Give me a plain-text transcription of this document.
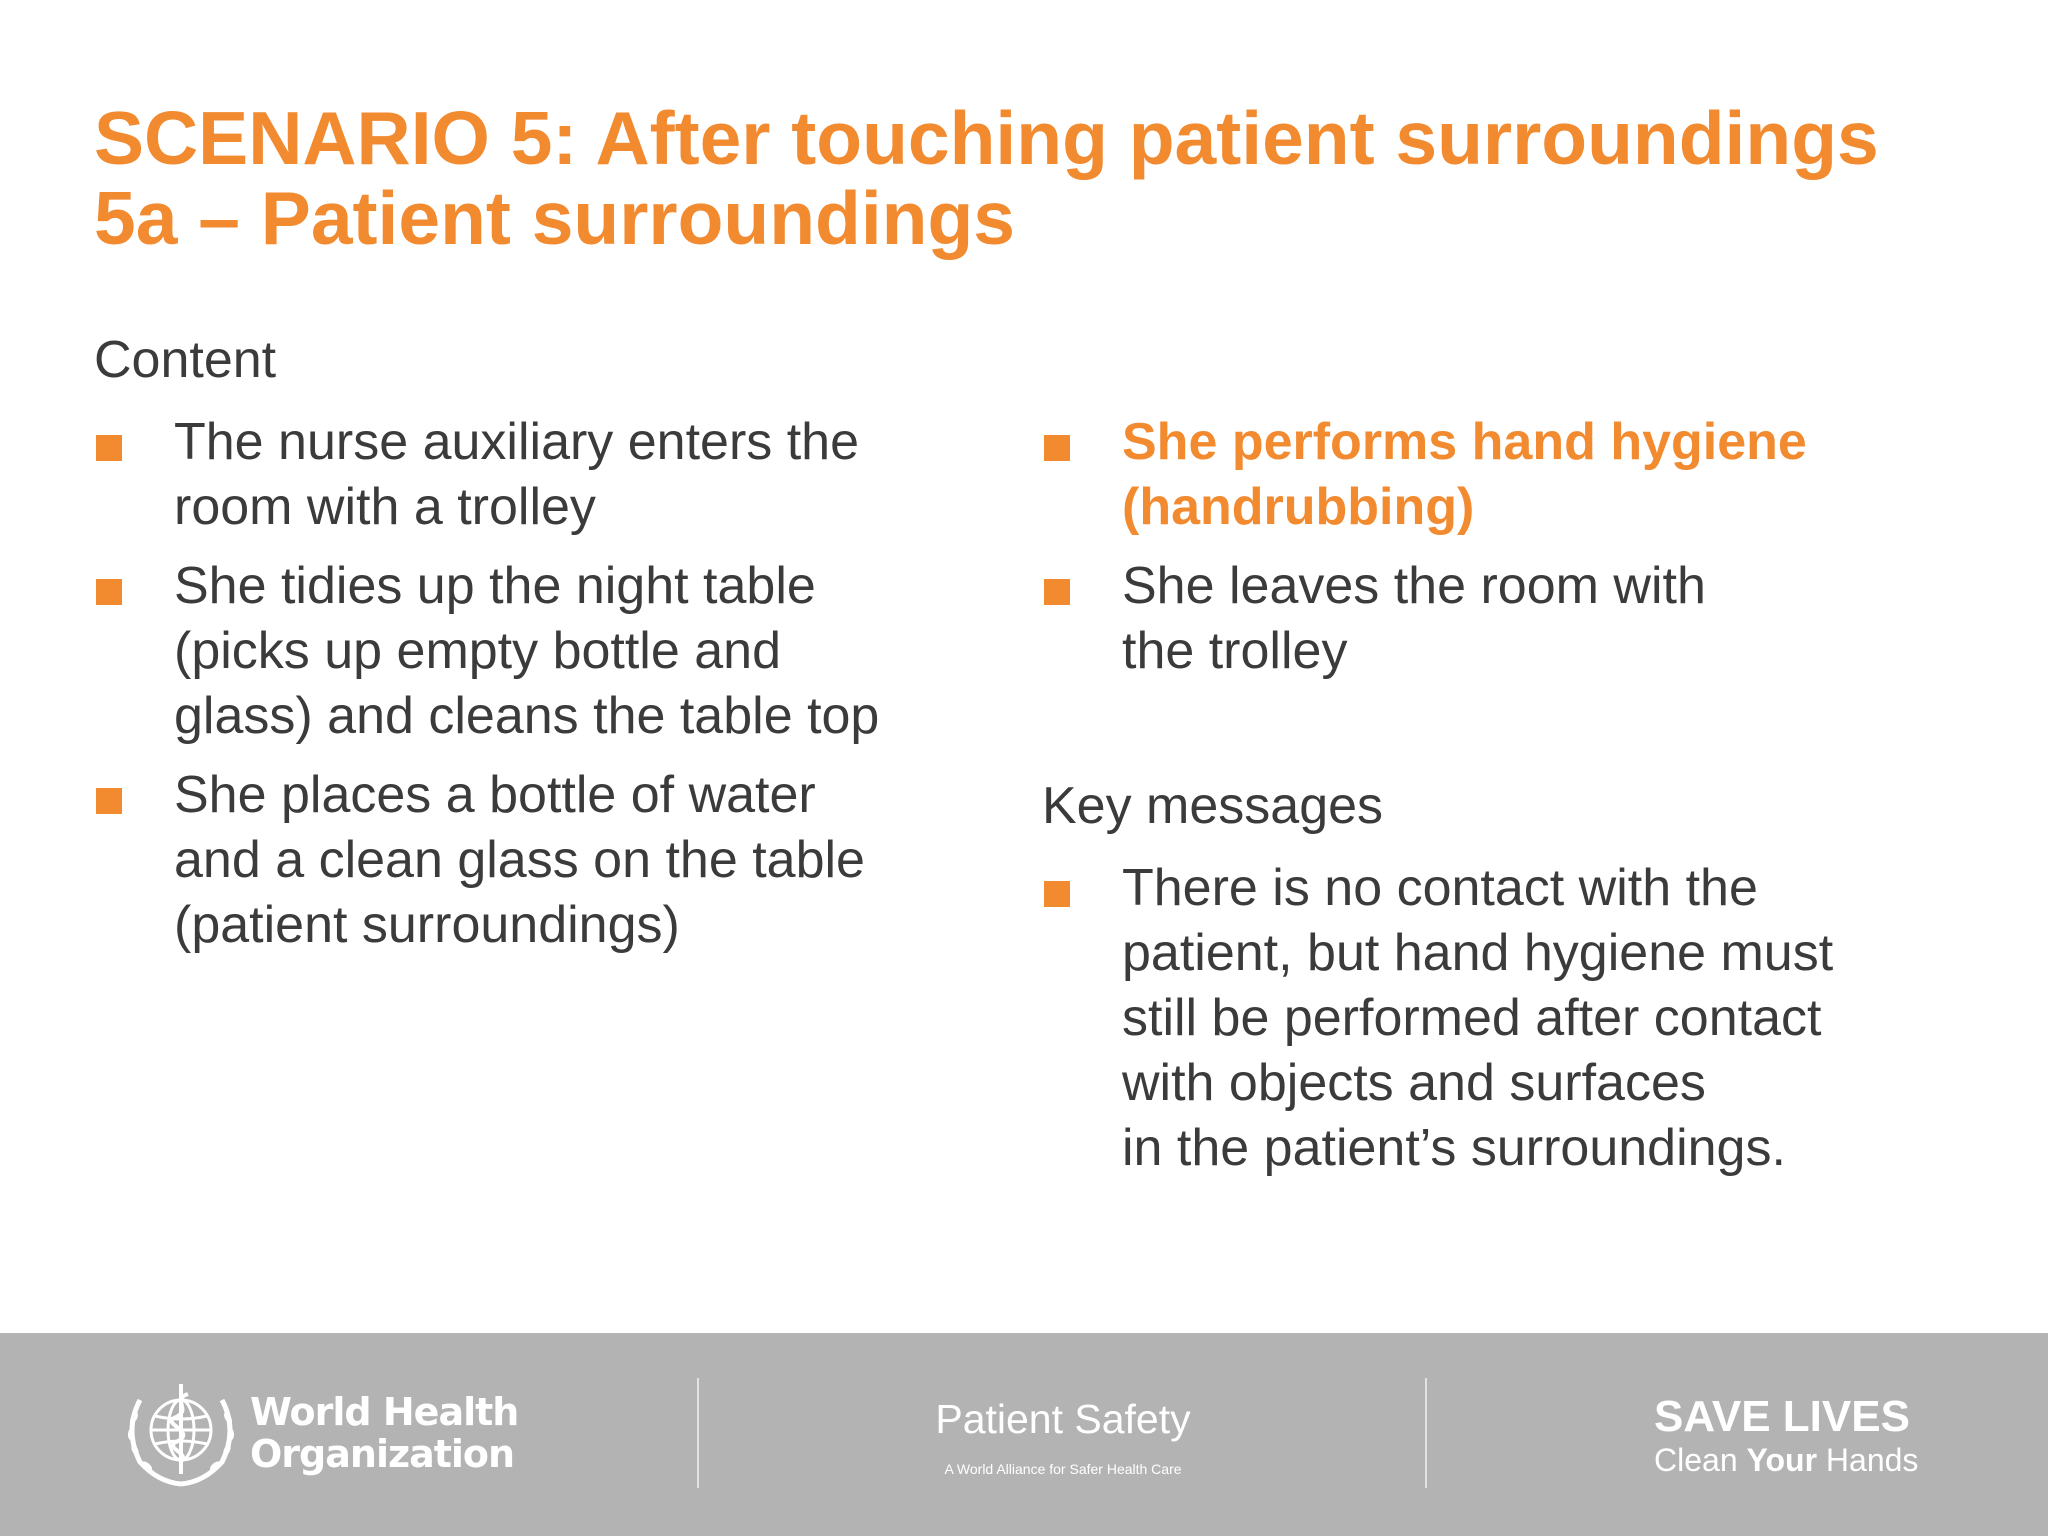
SCENARIO 5: After touching patient surroundings
5a – Patient surroundings
Content
The nurse auxiliary enters the
room with a trolley
She tidies up the night table
(picks up empty bottle and
glass) and cleans the table top
She places a bottle of water
and a clean glass on the table
(patient surroundings)
She performs hand hygiene
(handrubbing)
She leaves the room with
the trolley
Key messages
There is no contact with the
patient, but hand hygiene must
still be performed after contact
with objects and surfaces
in the patient’s surroundings.
World Health
Organization
Patient Safety
A World Alliance for Safer Health Care
SAVE LIVES
Clean Your Hands
